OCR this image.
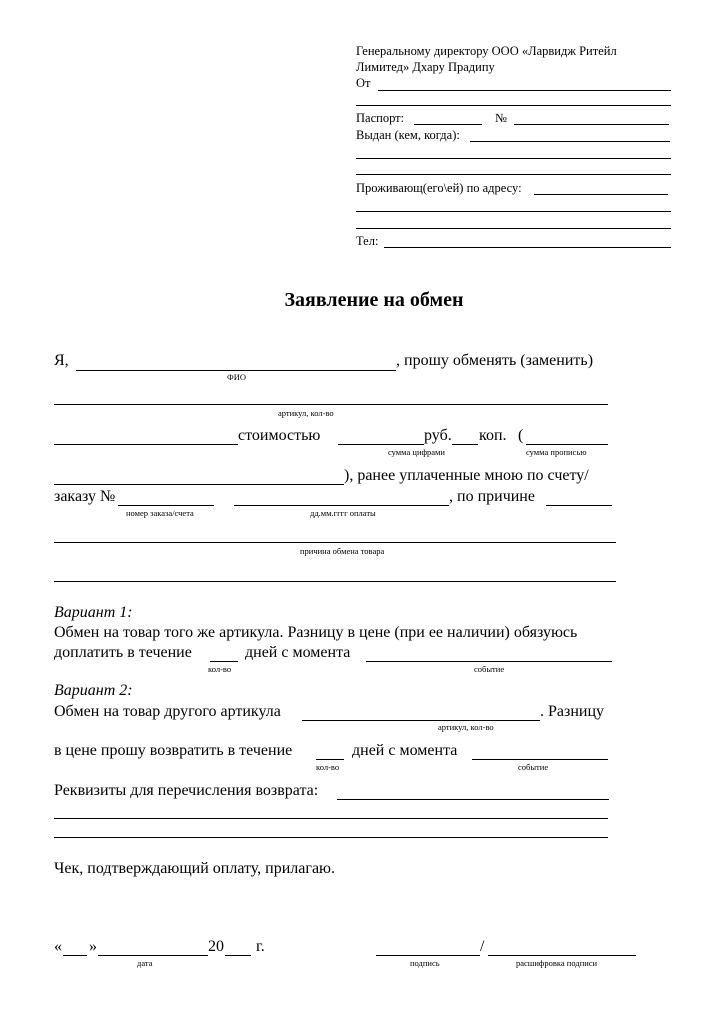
Генеральному директору ООО «Ларвидж Ритейл
Лимитед» Дхару Прадипу
От
Паспорт:	№
Выдан (кем, когда):
Проживающ(его\ей) по адресу:
Тел:
Заявление на обмен
Я,	, прошу обменять (заменить)
ФИО
артикул, кол-во
стоимостью	руб. коп. (
сумма цифрами	сумма прописью
), ранее уплаченные мною по счету/
заказу №	, по причине
номер заказа/счета	дд.мм.гггг оплаты
причина обмена товара
Вариант 1:
Обмен на товар того же артикула. Разницу в цене (при ее наличии) обязуюсь
доплатить в течение	дней с момента
кол-во	событие
Вариант 2:
Обмен на товар другого артикула	. Разницу
артикул, кол-во
в цене прошу возвратить в течение	дней с момента
кол-во	событие
Реквизиты для перечисления возврата:
Чек, подтверждающий оплату, прилагаю.
« »	20 г.
дата
/
подпись	расшифровка подписи
